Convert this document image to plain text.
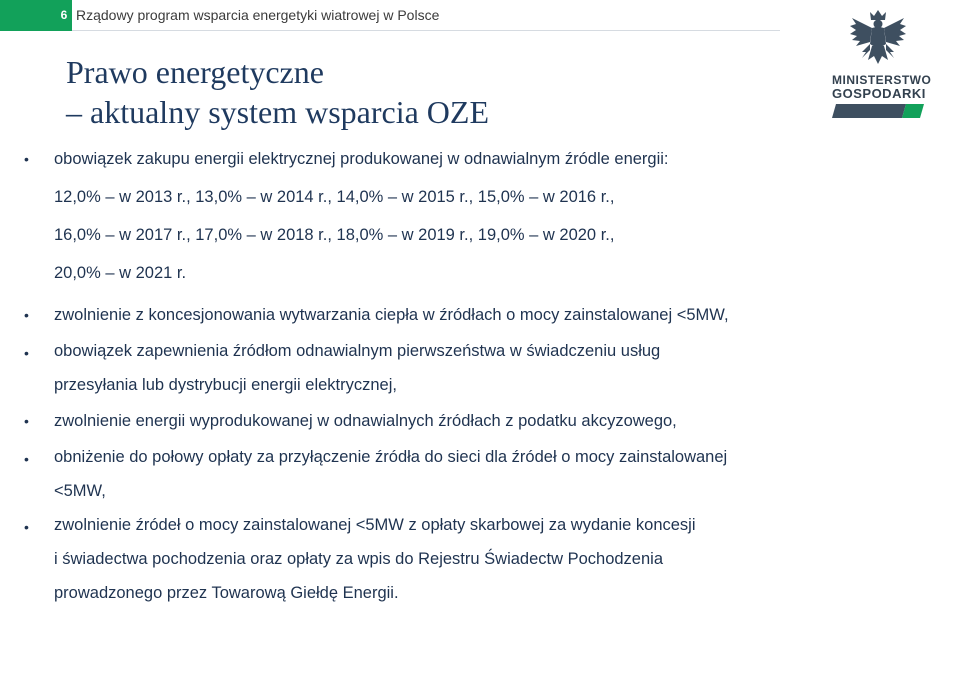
6 Rządowy program wsparcia energetyki wiatrowej w Polsce
Prawo energetyczne
– aktualny system wsparcia OZE
MINISTERSTWO
GOSPODARKI
• obowiązek zakupu energii elektrycznej produkowanej w odnawialnym źródle energii:
12,0% – w 2013 r., 13,0% – w 2014 r., 14,0% – w 2015 r., 15,0% – w 2016 r.,
16,0% – w 2017 r., 17,0% – w 2018 r., 18,0% – w 2019 r., 19,0% – w 2020 r.,
20,0% – w 2021 r.
• zwolnienie z koncesjonowania wytwarzania ciepła w źródłach o mocy zainstalowanej <5MW,
• obowiązek zapewnienia źródłom odnawialnym pierwszeństwa w świadczeniu usług
przesyłania lub dystrybucji energii elektrycznej,
• zwolnienie energii wyprodukowanej w odnawialnych źródłach z podatku akcyzowego,
• obniżenie do połowy opłaty za przyłączenie źródła do sieci dla źródeł o mocy zainstalowanej
<5MW,
• zwolnienie źródeł o mocy zainstalowanej <5MW z opłaty skarbowej za wydanie koncesji
i świadectwa pochodzenia oraz opłaty za wpis do Rejestru Świadectw Pochodzenia
prowadzonego przez Towarową Giełdę Energii.
